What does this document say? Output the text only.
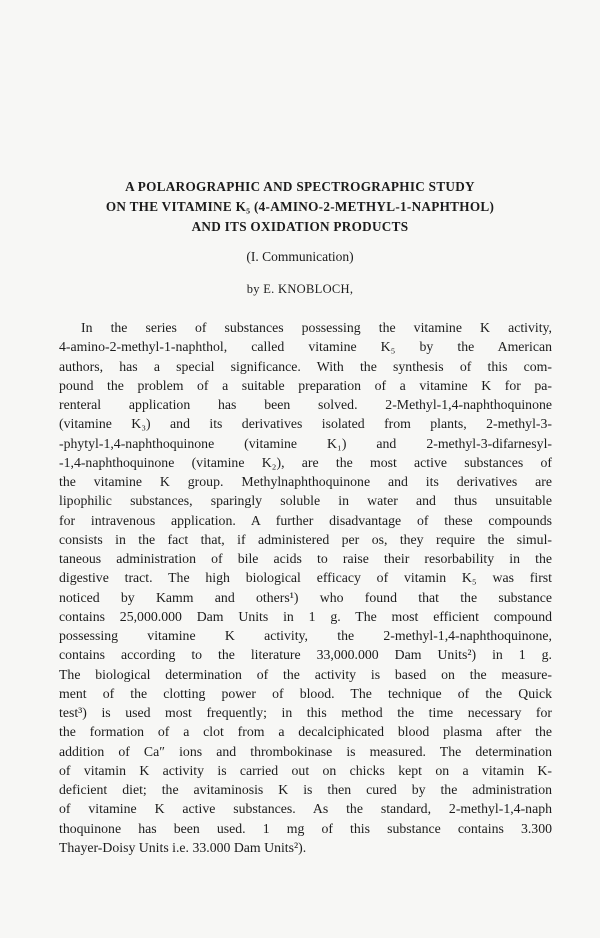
A POLAROGRAPHIC AND SPECTROGRAPHIC STUDY
ON THE VITAMINE K₅ (4-AMINO-2-METHYL-1-NAPHTHOL)
AND ITS OXIDATION PRODUCTS
(I. Communication)
by E. KNOBLOCH,
In the series of substances possessing the vitamine K activity,
4-amino-2-methyl-1-naphthol, called vitamine K₅ by the American
authors, has a special significance. With the synthesis of this com-
pound the problem of a suitable preparation of a vitamine K for pa-
renteral application has been solved. 2-Methyl-1,4-naphthoquinone
(vitamine K₃) and its derivatives isolated from plants, 2-methyl-3-
-phytyl-1,4-naphthoquinone (vitamine K₁) and 2-methyl-3-difarnesyl-
-1,4-naphthoquinone (vitamine K₂), are the most active substances of
the vitamine K group. Methylnaphthoquinone and its derivatives are
lipophilic substances, sparingly soluble in water and thus unsuitable
for intravenous application. A further disadvantage of these compounds
consists in the fact that, if administered per os, they require the simul-
taneous administration of bile acids to raise their resorbability in the
digestive tract. The high biological efficacy of vitamin K₅ was first
noticed by Kamm and others¹) who found that the substance
contains 25,000.000 Dam Units in 1 g. The most efficient compound
possessing vitamine K activity, the 2-methyl-1,4-naphthoquinone,
contains according to the literature 33,000.000 Dam Units²) in 1 g.
The biological determination of the activity is based on the measure-
ment of the clotting power of blood. The technique of the Quick
test³) is used most frequently; in this method the time necessary for
the formation of a clot from a decalciphicated blood plasma after the
addition of Ca″ ions and thrombokinase is measured. The determination
of vitamin K activity is carried out on chicks kept on a vitamin K-
deficient diet; the avitaminosis K is then cured by the administration
of vitamine K active substances. As the standard, 2-methyl-1,4-naph
thoquinone has been used. 1 mg of this substance contains 3.300
Thayer-Doisy Units i.e. 33.000 Dam Units²).
